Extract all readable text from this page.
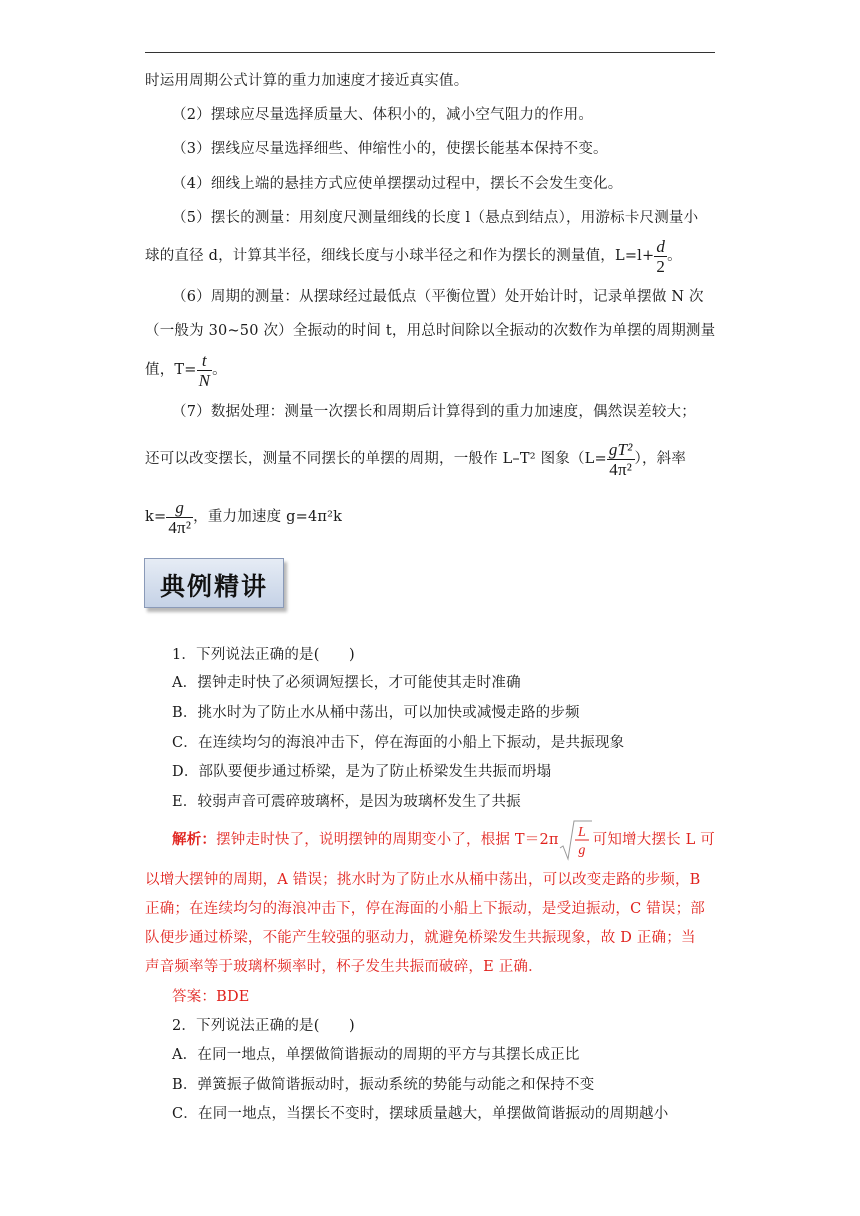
时运用周期公式计算的重力加速度才接近真实值。
（2）摆球应尽量选择质量大、体积小的，减小空气阻力的作用。
（3）摆线应尽量选择细些、伸缩性小的，使摆长能基本保持不变。
（4）细线上端的悬挂方式应使单摆摆动过程中，摆长不会发生变化。
（5）摆长的测量：用刻度尺测量细线的长度 l（悬点到结点），用游标卡尺测量小
球的直径 d，计算其半径，细线长度与小球半径之和作为摆长的测量值，$L=l+ \frac{d}{2}$ 。
（6）周期的测量：从摆球经过最低点（平衡位置）处开始计时，记录单摆做 N 次
（一般为 30~50 次）全振动的时间 t，用总时间除以全振动的次数作为单摆的周期测量
值，$T= \frac{t}{N}$ 。
（7）数据处理：测量一次摆长和周期后计算得到的重力加速度，偶然误差较大；
还可以改变摆长，测量不同摆长的单摆的周期，一般作 L–T² 图象（$L= \frac{\text{gT²}}{\text{4π²}}$ ），斜率
$k= \frac{g}{\text{4π²}}$ ，重力加速度 g=4π²k
典例精讲
1．下列说法正确的是(　　)
A．摆钟走时快了必须调短摆长，才可能使其走时准确
B．挑水时为了防止水从桶中荡出，可以加快或减慢走路的步频
C．在连续均匀的海浪冲击下，停在海面的小船上下振动，是共振现象
D．部队要便步通过桥梁，是为了防止桥梁发生共振而坍塌
E．较弱声音可震碎玻璃杯，是因为玻璃杯发生了共振
解析：摆钟走时快了，说明摆钟的周期变小了，根据 T＝2π L
g
可知增大摆长 L 可
以增大摆钟的周期，A 错误；挑水时为了防止水从桶中荡出，可以改变走路的步频，B
正确；在连续均匀的海浪冲击下，停在海面的小船上下振动，是受迫振动，C 错误；部
队便步通过桥梁，不能产生较强的驱动力，就避免桥梁发生共振现象，故 D 正确；当
声音频率等于玻璃杯频率时，杯子发生共振而破碎，E 正确．
答案：BDE
2．下列说法正确的是(　　)
A．在同一地点，单摆做简谐振动的周期的平方与其摆长成正比
B．弹簧振子做简谐振动时，振动系统的势能与动能之和保持不变
C．在同一地点，当摆长不变时，摆球质量越大，单摆做简谐振动的周期越小
